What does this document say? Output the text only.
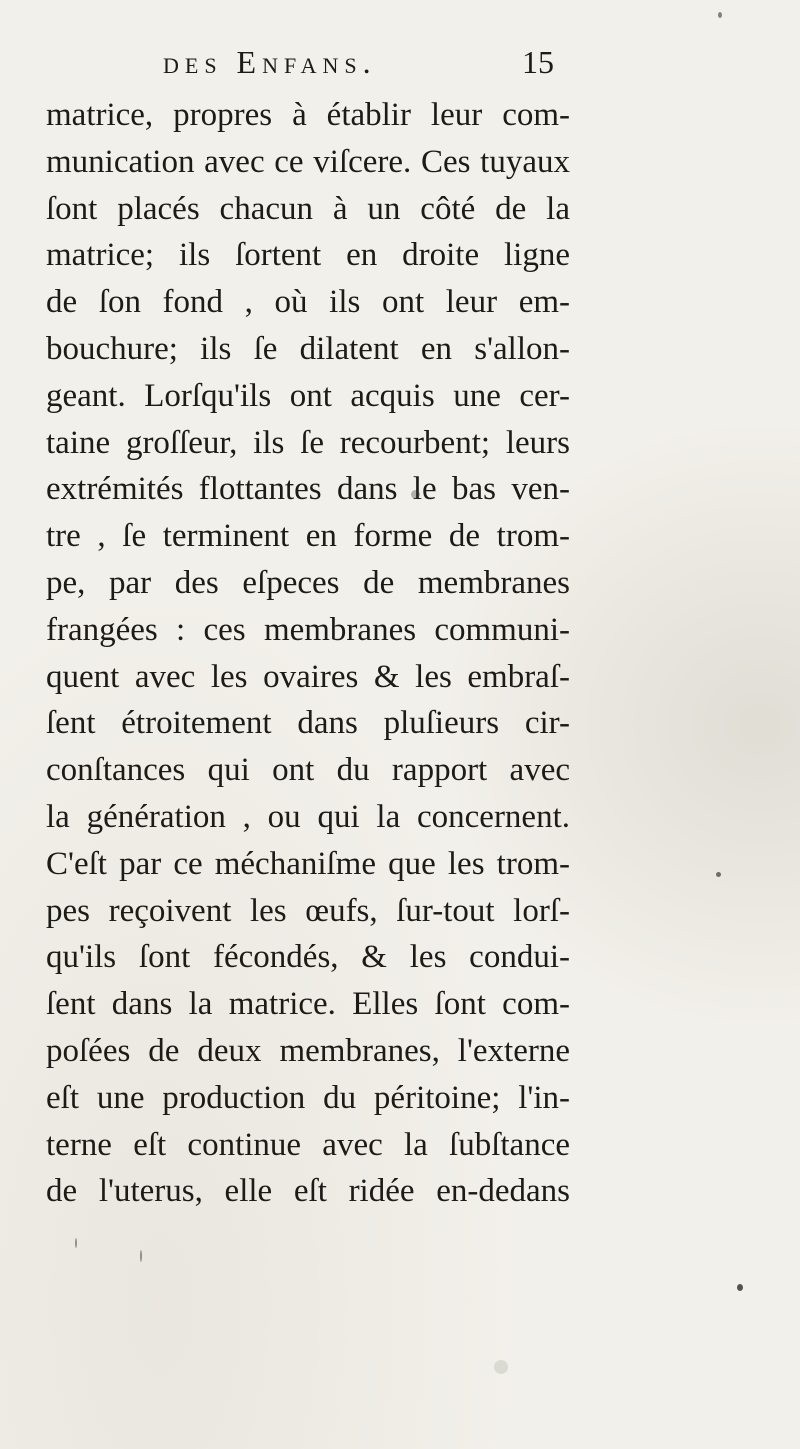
des Enfans.	15
matrice, propres à établir leur com-
munication avec ce viſcere. Ces tuyaux
ſont placés chacun à un côté de la
matrice; ils ſortent en droite ligne
de ſon fond , où ils ont leur em-
bouchure; ils ſe dilatent en s'allon-
geant. Lorſqu'ils ont acquis une cer-
taine groſſeur, ils ſe recourbent; leurs
extrémités flottantes dans le bas ven-
tre , ſe terminent en forme de trom-
pe, par des eſpeces de membranes
frangées : ces membranes communi-
quent avec les ovaires & les embraſ-
ſent étroitement dans pluſieurs cir-
conſtances qui ont du rapport avec
la génération , ou qui la concernent.
C'eſt par ce méchaniſme que les trom-
pes reçoivent les œufs, ſur-tout lorſ-
qu'ils ſont fécondés, & les condui-
ſent dans la matrice. Elles ſont com-
poſées de deux membranes, l'externe
eſt une production du péritoine; l'in-
terne eſt continue avec la ſubſtance
de l'uterus, elle eſt ridée en-dedans
